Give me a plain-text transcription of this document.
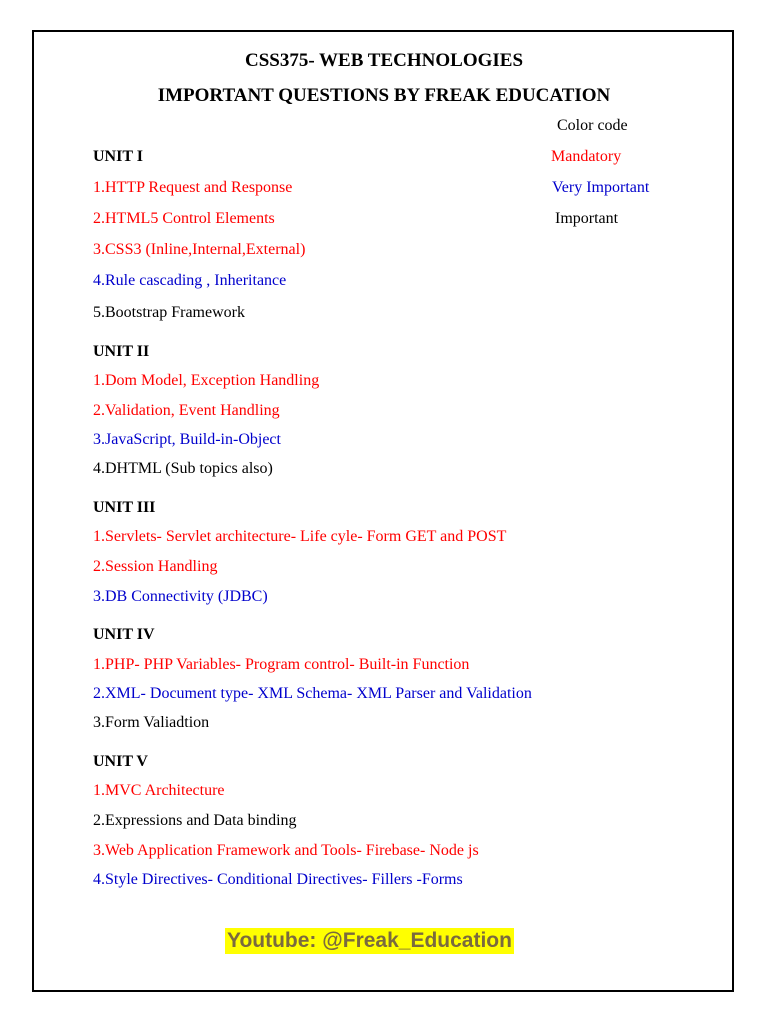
CSS375- WEB TECHNOLOGIES
IMPORTANT QUESTIONS BY FREAK EDUCATION
Color code
Mandatory
Very Important
Important
UNIT I
1.HTTP Request and Response
2.HTML5 Control Elements
3.CSS3 (Inline,Internal,External)
4.Rule cascading , Inheritance
5.Bootstrap Framework
UNIT II
1.Dom Model, Exception Handling
2.Validation, Event Handling
3.JavaScript, Build-in-Object
4.DHTML (Sub topics also)
UNIT III
1.Servlets- Servlet architecture- Life cyle- Form GET and POST
2.Session Handling
3.DB Connectivity (JDBC)
UNIT IV
1.PHP- PHP Variables- Program control- Built-in Function
2.XML- Document type- XML Schema- XML Parser and Validation
3.Form Valiadtion
UNIT V
1.MVC Architecture
2.Expressions and Data binding
3.Web Application Framework and Tools- Firebase- Node js
4.Style Directives- Conditional Directives- Fillers -Forms
Youtube: @Freak_Education
